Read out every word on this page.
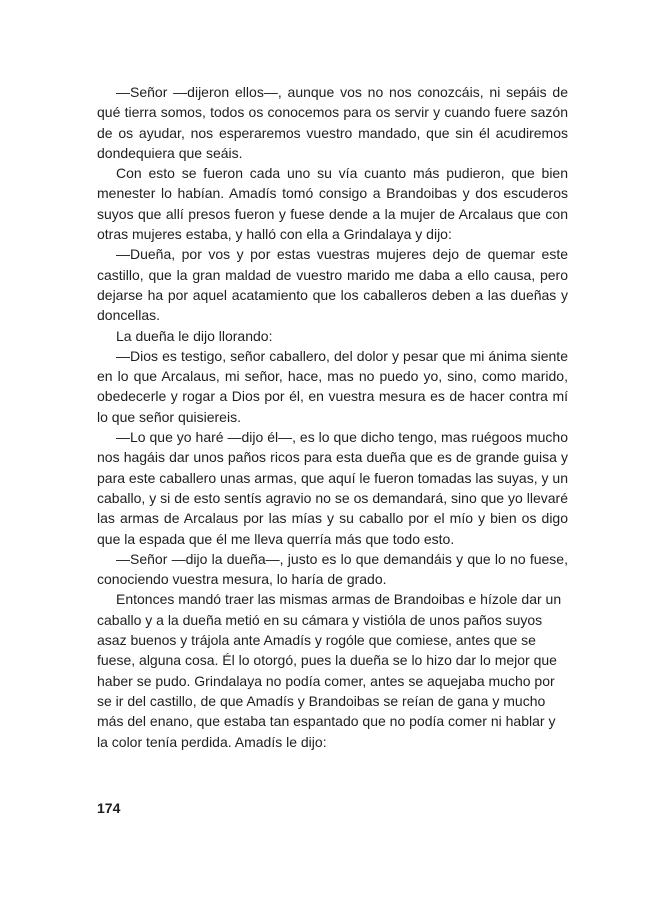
—Señor —dijeron ellos—, aunque vos no nos conozcáis, ni sepáis de qué tierra somos, todos os conocemos para os servir y cuando fuere sazón de os ayudar, nos esperaremos vuestro mandado, que sin él acudiremos dondequiera que seáis.

Con esto se fueron cada uno su vía cuanto más pudieron, que bien menester lo habían. Amadís tomó consigo a Brandoibas y dos escuderos suyos que allí presos fueron y fuese dende a la mujer de Arcalaus que con otras mujeres estaba, y halló con ella a Grindalaya y dijo:

—Dueña, por vos y por estas vuestras mujeres dejo de quemar este castillo, que la gran maldad de vuestro marido me daba a ello causa, pero dejarse ha por aquel acatamiento que los caballeros deben a las dueñas y doncellas.

La dueña le dijo llorando:

—Dios es testigo, señor caballero, del dolor y pesar que mi ánima siente en lo que Arcalaus, mi señor, hace, mas no puedo yo, sino, como marido, obedecerle y rogar a Dios por él, en vuestra mesura es de hacer contra mí lo que señor quisiereis.

—Lo que yo haré —dijo él—, es lo que dicho tengo, mas ruégoos mucho nos hagáis dar unos paños ricos para esta dueña que es de grande guisa y para este caballero unas armas, que aquí le fueron tomadas las suyas, y un caballo, y si de esto sentís agravio no se os demandará, sino que yo llevaré las armas de Arcalaus por las mías y su caballo por el mío y bien os digo que la espada que él me lleva querría más que todo esto.

—Señor —dijo la dueña—, justo es lo que demandáis y que lo no fuese, conociendo vuestra mesura, lo haría de grado.

Entonces mandó traer las mismas armas de Brandoibas e hízole dar un caballo y a la dueña metió en su cámara y vistióla de unos paños suyos asaz buenos y trájola ante Amadís y rogóle que comiese, antes que se fuese, alguna cosa. Él lo otorgó, pues la dueña se lo hizo dar lo mejor que haber se pudo. Grindalaya no podía comer, antes se aquejaba mucho por se ir del castillo, de que Amadís y Brandoibas se reían de gana y mucho más del enano, que estaba tan espantado que no podía comer ni hablar y la color tenía perdida. Amadís le dijo:

174
